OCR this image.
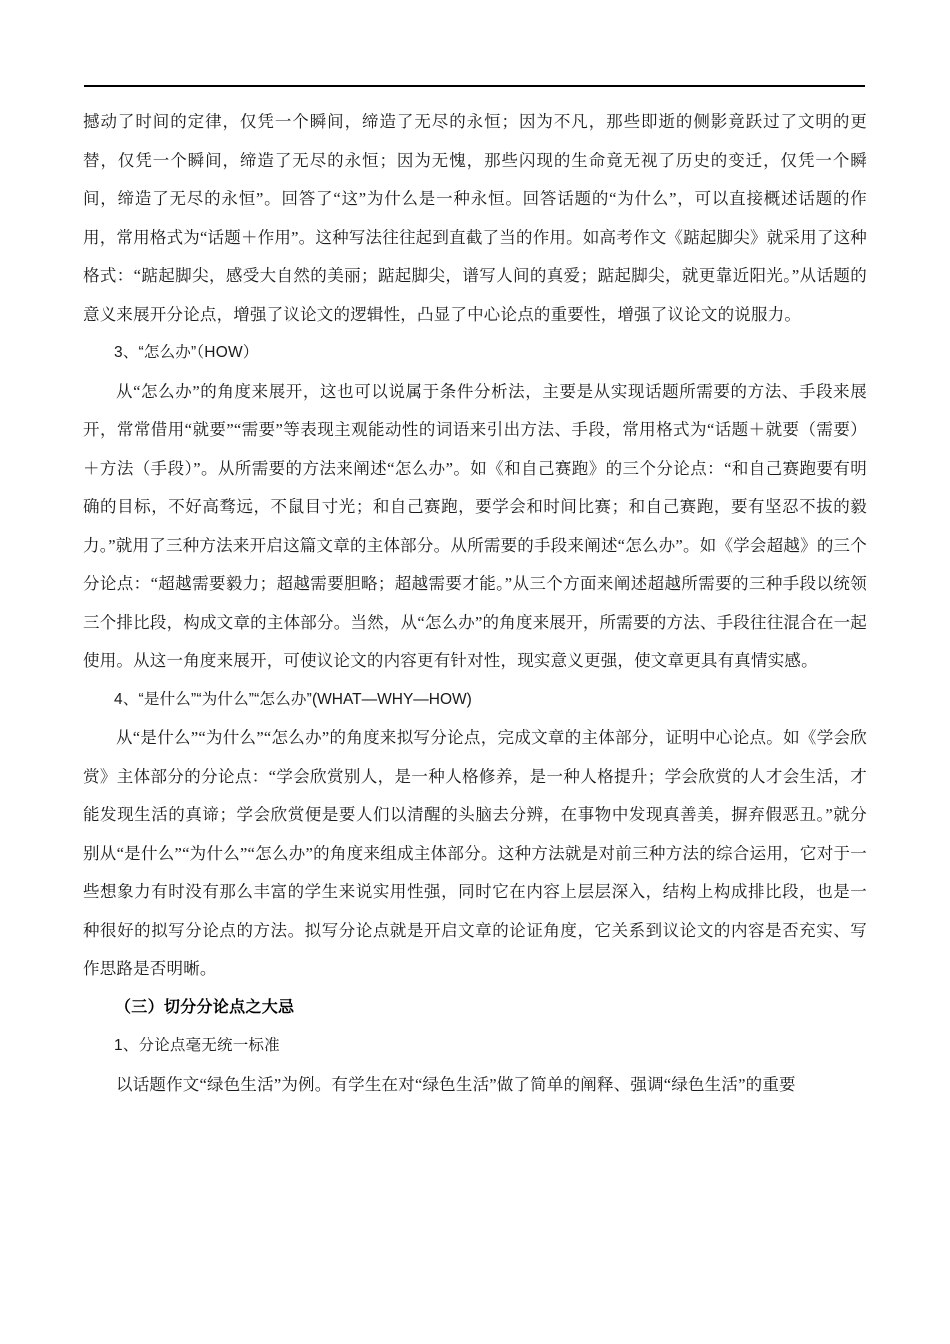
撼动了时间的定律，仅凭一个瞬间，缔造了无尽的永恒；因为不凡，那些即逝的侧影竟跃过了文明的更替，仅凭一个瞬间，缔造了无尽的永恒；因为无愧，那些闪现的生命竟无视了历史的变迁，仅凭一个瞬间，缔造了无尽的永恒”。回答了“这”为什么是一种永恒。回答话题的“为什么”，可以直接概述话题的作用，常用格式为“话题＋作用”。这种写法往往起到直截了当的作用。如高考作文《踮起脚尖》就采用了这种格式：“踮起脚尖，感受大自然的美丽；踮起脚尖，谱写人间的真爱；踮起脚尖，就更靠近阳光。”从话题的意义来展开分论点，增强了议论文的逻辑性，凸显了中心论点的重要性，增强了议论文的说服力。

3、“怎么办”（HOW）

从“怎么办”的角度来展开，这也可以说属于条件分析法，主要是从实现话题所需要的方法、手段来展开，常常借用“就要”“需要”等表现主观能动性的词语来引出方法、手段，常用格式为“话题＋就要（需要）＋方法（手段）”。从所需要的方法来阐述“怎么办”。如《和自己赛跑》的三个分论点：“和自己赛跑要有明确的目标，不好高骛远，不鼠目寸光；和自己赛跑，要学会和时间比赛；和自己赛跑，要有坚忍不拔的毅力。”就用了三种方法来开启这篇文章的主体部分。从所需要的手段来阐述“怎么办”。如《学会超越》的三个分论点：“超越需要毅力；超越需要胆略；超越需要才能。”从三个方面来阐述超越所需要的三种手段以统领三个排比段，构成文章的主体部分。当然，从“怎么办”的角度来展开，所需要的方法、手段往往混合在一起使用。从这一角度来展开，可使议论文的内容更有针对性，现实意义更强，使文章更具有真情实感。

4、“是什么”“为什么”“怎么办”(WHAT—WHY—HOW)

从“是什么”“为什么”“怎么办”的角度来拟写分论点，完成文章的主体部分，证明中心论点。如《学会欣赏》主体部分的分论点：“学会欣赏别人，是一种人格修养，是一种人格提升；学会欣赏的人才会生活，才能发现生活的真谛；学会欣赏便是要人们以清醒的头脑去分辨，在事物中发现真善美，摒弃假恶丑。”就分别从“是什么”“为什么”“怎么办”的角度来组成主体部分。这种方法就是对前三种方法的综合运用，它对于一些想象力有时没有那么丰富的学生来说实用性强，同时它在内容上层层深入，结构上构成排比段，也是一种很好的拟写分论点的方法。拟写分论点就是开启文章的论证角度，它关系到议论文的内容是否充实、写作思路是否明晰。

（三）切分分论点之大忌

1、分论点毫无统一标准

以话题作文“绿色生活”为例。有学生在对“绿色生活”做了简单的阐释、强调“绿色生活”的重要
